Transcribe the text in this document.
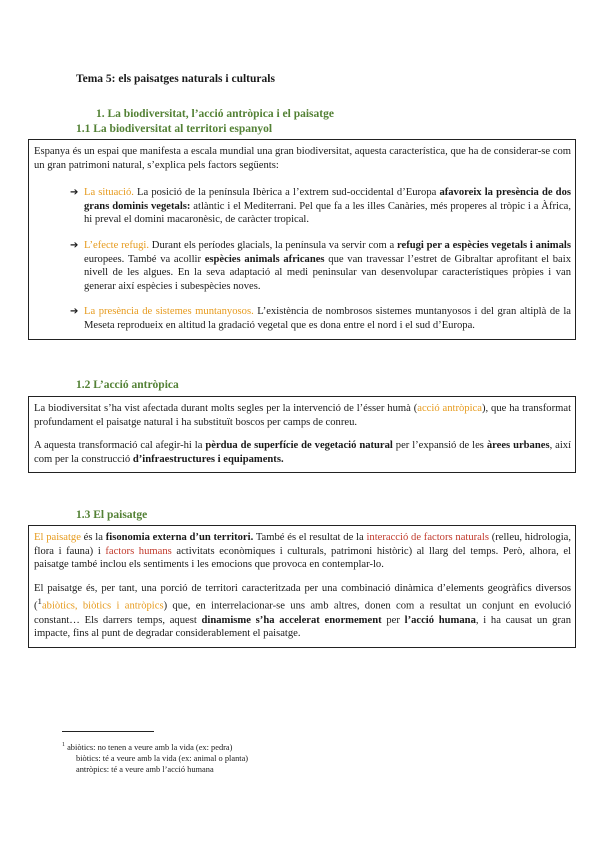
Tema 5: els paisatges naturals i culturals
1. La biodiversitat, l’acció antròpica i el paisatge
1.1 La biodiversitat al territori espanyol

Espanya és un espai que manifesta a escala mundial una gran biodiversitat, aquesta característica, que ha de considerar-se com un gran patrimoni natural, s’explica pels factors següents:

➔ La situació. La posició de la península Ibèrica a l’extrem sud-occidental d’Europa afavoreix la presència de dos grans dominis vegetals: atlàntic i el Mediterrani. Pel que fa a les illes Canàries, més properes al tròpic i a Àfrica, hi preval el domini macaronèsic, de caràcter tropical.
➔ L’efecte refugi. Durant els períodes glacials, la península va servir com a refugi per a espècies vegetals i animals europees. També va acollir espècies animals africanes que van travessar l’estret de Gibraltar aprofitant el baix nivell de les algues. En la seva adaptació al medi peninsular van desenvolupar característiques pròpies i van generar així espècies i subespècies noves.
➔ La presència de sistemes muntanyosos. L’existència de nombrosos sistemes muntanyosos i del gran altiplà de la Meseta reprodueix en altitud la gradació vegetal que es dona entre el nord i el sud d’Europa.
1.2 L’acció antròpica

La biodiversitat s’ha vist afectada durant molts segles per la intervenció de l’ésser humà (acció antròpica), que ha transformat profundament el paisatge natural i ha substituït boscos per camps de conreu.

A aquesta transformació cal afegir-hi la pèrdua de superfície de vegetació natural per l’expansió de les àrees urbanes, així com per la construcció d’infraestructures i equipaments.

1.3 El paisatge

El paisatge és la fisonomia externa d’un territori. També és el resultat de la interacció de factors naturals (relleu, hidrologia, flora i fauna) i factors humans activitats econòmiques i culturals, patrimoni històric) al llarg del temps. Però, alhora, el paisatge també inclou els sentiments i les emocions que provoca en contemplar-lo.

El paisatge és, per tant, una porció de territori caracteritzada per una combinació dinàmica d’elements geogràfics diversos ($^1$abiòtics, biòtics i antròpics) que, en interrelacionar-se uns amb altres, donen com a resultat un conjunt en evolució constant… Els darrers temps, aquest dinamisme s’ha accelerat enormement per l’acció humana, i ha causat un gran impacte, fins al punt de degradar considerablement el paisatge.

$^1$ abiòtics: no tenen a veure amb la vida (ex: pedra)
biòtics: té a veure amb la vida (ex: animal o planta)
antròpics: té a veure amb l’acció humana
